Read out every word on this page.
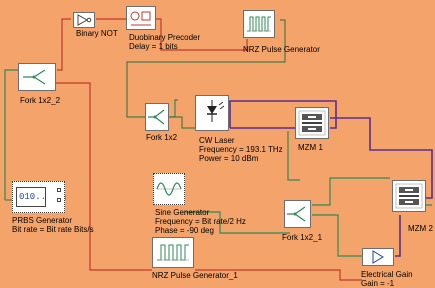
Binary NOT Duobinary Precoder
Delay = 1 bits	NRZ Pulse Generator
Fork 1x2_2
Fork 1x2	CW Laser
Frequency = 193.1 THz
Power = 10 dBm
MZM 1
MZM 2
010..
PRBS Generator
Bit rate = Bit rate Bits/s
Sine Generator
Frequency = Bit rate/2 Hz
Phase = -90 deg
Fork 1x2_1
NRZ Pulse Generator_1	Electrical Gain
Gain = -1
